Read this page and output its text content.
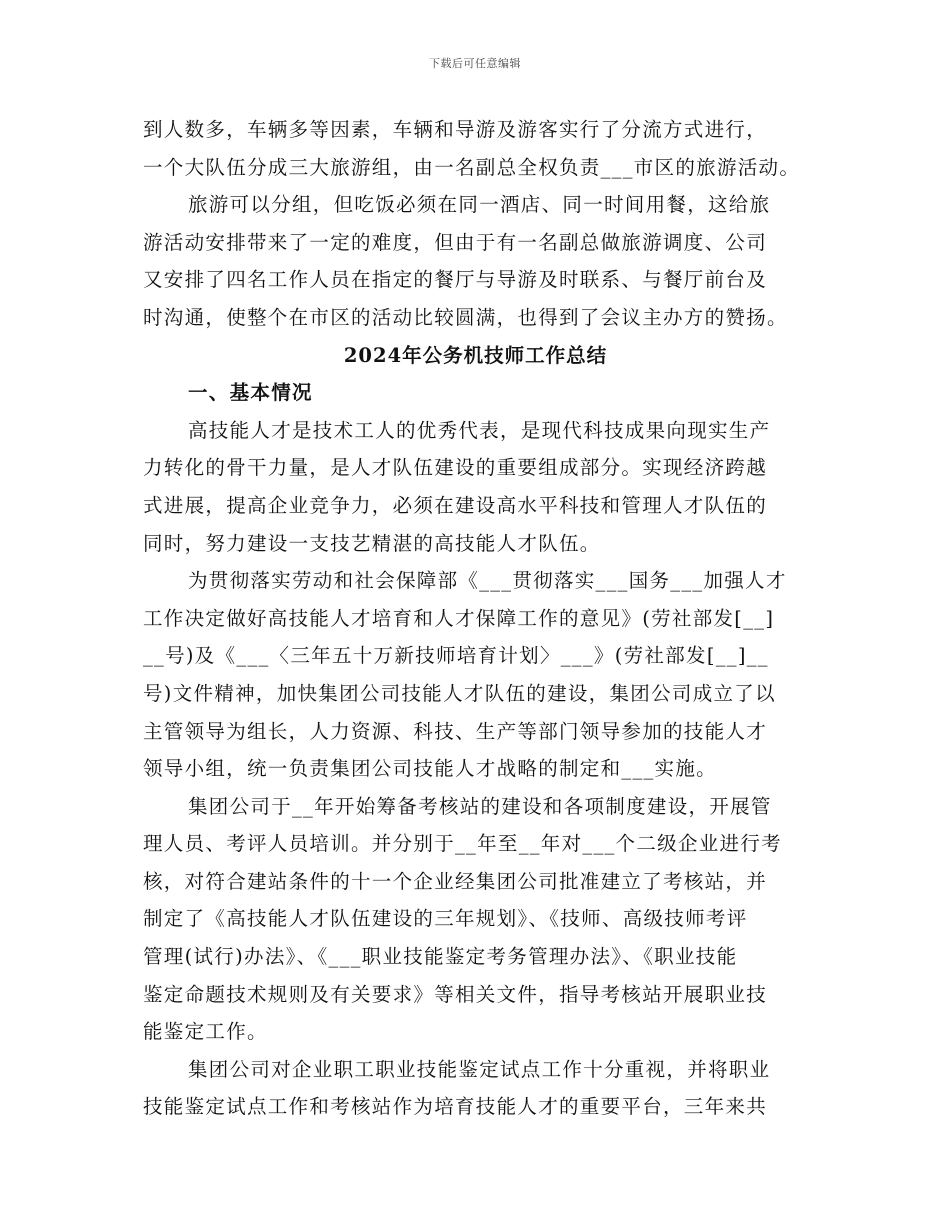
下载后可任意编辑
到人数多，车辆多等因素，车辆和导游及游客实行了分流方式进行，
一个大队伍分成三大旅游组，由一名副总全权负责___市区的旅游活动。
旅游可以分组，但吃饭必须在同一酒店、同一时间用餐，这给旅
游活动安排带来了一定的难度，但由于有一名副总做旅游调度、公司
又安排了四名工作人员在指定的餐厅与导游及时联系、与餐厅前台及
时沟通，使整个在市区的活动比较圆满，也得到了会议主办方的赞扬。
2024年公务机技师工作总结
一、基本情况
高技能人才是技术工人的优秀代表，是现代科技成果向现实生产
力转化的骨干力量，是人才队伍建设的重要组成部分。实现经济跨越
式进展，提高企业竞争力，必须在建设高水平科技和管理人才队伍的
同时，努力建设一支技艺精湛的高技能人才队伍。
为贯彻落实劳动和社会保障部《___贯彻落实___国务___加强人才
工作决定做好高技能人才培育和人才保障工作的意见》(劳社部发[__]
__号)及《___〈三年五十万新技师培育计划〉___》(劳社部发[__]__
号)文件精神，加快集团公司技能人才队伍的建设，集团公司成立了以
主管领导为组长，人力资源、科技、生产等部门领导参加的技能人才
领导小组，统一负责集团公司技能人才战略的制定和___实施。
集团公司于__年开始筹备考核站的建设和各项制度建设，开展管
理人员、考评人员培训。并分别于__年至__年对___个二级企业进行考
核，对符合建站条件的十一个企业经集团公司批准建立了考核站，并
制定了《高技能人才队伍建设的三年规划》、《技师、高级技师考评
管理(试行)办法》、《___职业技能鉴定考务管理办法》、《职业技能
鉴定命题技术规则及有关要求》等相关文件，指导考核站开展职业技
能鉴定工作。
集团公司对企业职工职业技能鉴定试点工作十分重视，并将职业
技能鉴定试点工作和考核站作为培育技能人才的重要平台，三年来共
